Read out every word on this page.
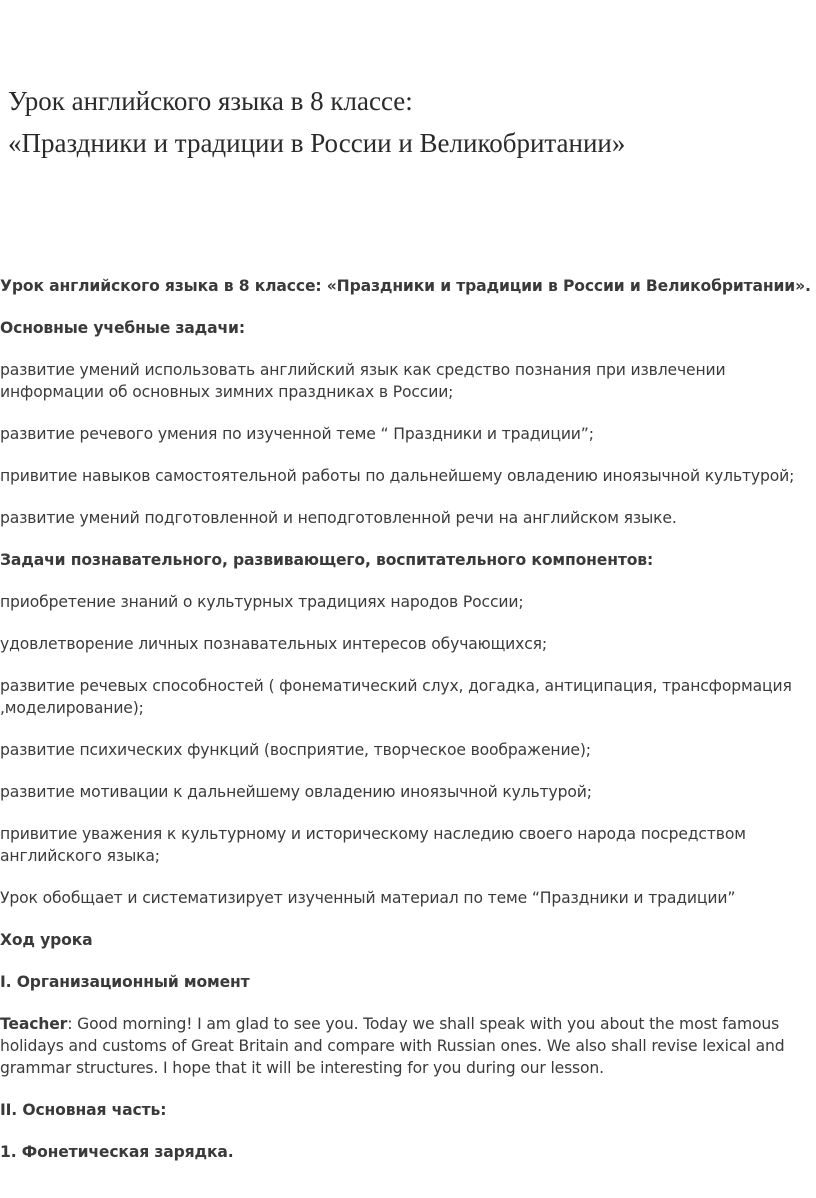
Урок английского языка в 8 классе:
«Праздники и традиции в России и Великобритании»

Урок английского языка в 8 классе: «Праздники и традиции в России и Великобритании».

Основные учебные задачи:

развитие умений использовать английский язык как средство познания при извлечении информации об основных зимних праздниках в России;

развитие речевого умения по изученной теме “ Праздники и традиции”;

привитие навыков самостоятельной работы по дальнейшему овладению иноязычной культурой;

развитие умений подготовленной и неподготовленной речи на английском языке.

Задачи познавательного, развивающего, воспитательного компонентов:

приобретение знаний о культурных традициях народов России;

удовлетворение личных познавательных интересов обучающихся;

развитие речевых способностей ( фонематический слух, догадка, антиципация, трансформация ,моделирование);

развитие психических функций (восприятие, творческое воображение);

развитие мотивации к дальнейшему овладению иноязычной культурой;

привитие уважения к культурному и историческому наследию своего народа посредством английского языка;

Урок обобщает и систематизирует изученный материал по теме “Праздники и традиции”

Ход урока

I. Организационный момент

Teacher: Good morning! I am glad to see you. Today we shall speak with you about the most famous holidays and customs of Great Britain and compare with Russian ones. We also shall revise lexical and grammar structures. I hope that it will be interesting for you during our lesson.

II. Основная часть:

1. Фонетическая зарядка.
